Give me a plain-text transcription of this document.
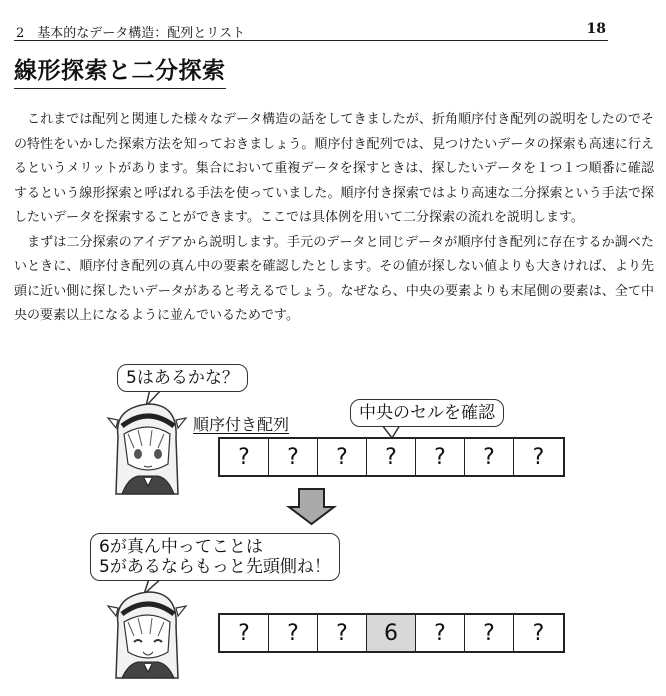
2　基本的なデータ構造：配列とリスト	18
線形探索と二分探索

これまでは配列と関連した様々なデータ構造の話をしてきましたが、折角順序付き配列の説明をしたのでその特性をいかした探索方法を知っておきましょう。順序付き配列では、見つけたいデータの探索も高速に行えるというメリットがあります。集合において重複データを探すときは、探したいデータを１つ１つ順番に確認するという線形探索と呼ばれる手法を使っていました。順序付き探索ではより高速な二分探索という手法で探したいデータを探索することができます。ここでは具体例を用いて二分探索の流れを説明します。

まずは二分探索のアイデアから説明します。手元のデータと同じデータが順序付き配列に存在するか調べたいときに、順序付き配列の真ん中の要素を確認したとします。その値が探しない値よりも大きければ、より先頭に近い側に探したいデータがあると考えるでしょう。なぜなら、中央の要素よりも末尾側の要素は、全て中央の要素以上になるように並んでいるためです。

5はあるかな？
順序付き配列
中央のセルを確認
?	?	?	?	?	?	?
6が真ん中ってことは
5があるならもっと先頭側ね！
?	?	?	6	?	?	?
